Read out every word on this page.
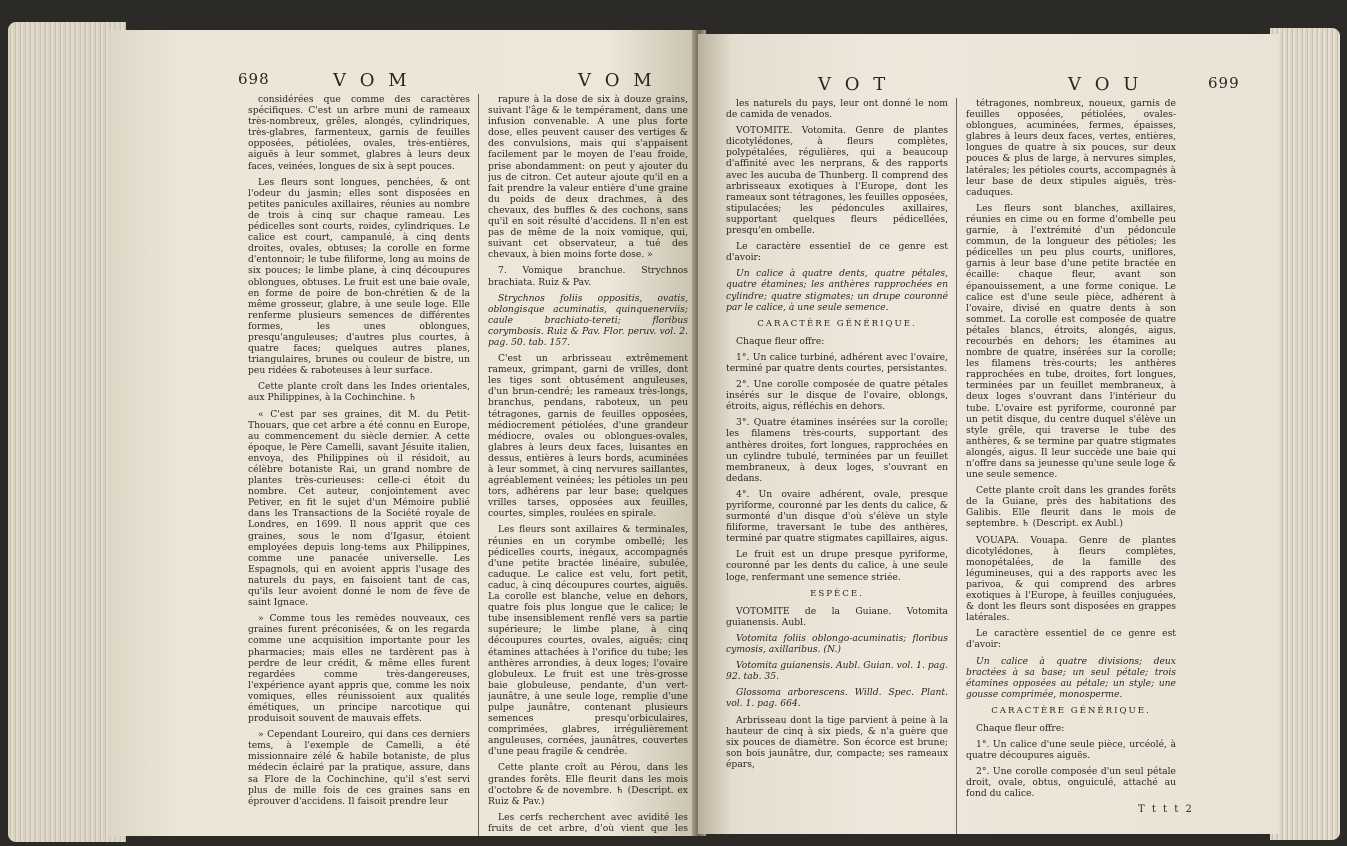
698	V O M	V O M

considérées que comme des caractères spécifiques. C'est un arbre muni de rameaux très-nombreux, grêles, alongés, cylindriques, très-glabres, farmenteux, garnis de feuilles opposées, pétiolées, ovales, très-entières, aiguës à leur sommet, glabres à leurs deux faces, veinées, longues de six à sept pouces.

Les fleurs sont longues, penchées, & ont l'odeur du jasmin; elles sont disposées en petites panicules axillaires, réunies au nombre de trois à cinq sur chaque rameau. Les pédicelles sont courts, roides, cylindriques. Le calice est court, campanulé, à cinq dents droites, ovales, obtuses; la corolle en forme d'entonnoir; le tube filiforme, long au moins de six pouces; le limbe plane, à cinq découpures oblongues, obtuses. Le fruit est une baie ovale, en forme de poire de bon-chrétien & de la même grosseur, glabre, à une seule loge. Elle renferme plusieurs semences de différentes formes, les unes oblongues, presqu'anguleuses; d'autres plus courtes, à quatre faces; quelques autres planes, triangulaires, brunes ou couleur de bistre, un peu ridées & raboteuses à leur surface.

Cette plante croît dans les Indes orientales, aux Philippines, à la Cochinchine. ♄

« C'est par ses graines, dit M. du Petit-Thouars, que cet arbre a été connu en Europe, au commencement du siècle dernier. A cette époque, le Père Camelli, savant Jésuite italien, envoya, des Philippines où il résidoit, au célèbre botaniste Rai, un grand nombre de plantes très-curieuses: celle-ci étoit du nombre. Cet auteur, conjointement avec Petiver, en fit le sujet d'un Mémoire publié dans les Transactions de la Société royale de Londres, en 1699. Il nous apprit que ces graines, sous le nom d'Igasur, étoient employées depuis long-tems aux Philippines, comme une panacée universelle. Les Espagnols, qui en avoient appris l'usage des naturels du pays, en faisoient tant de cas, qu'ils leur avoient donné le nom de fève de saint Ignace.

» Comme tous les remèdes nouveaux, ces graines furent préconisées, & on les regarda comme une acquisition importante pour les pharmacies; mais elles ne tardèrent pas à perdre de leur crédit, & même elles furent regardées comme très-dangereuses, l'expérience ayant appris que, comme les noix vomiques, elles réunissoient aux qualités émétiques, un principe narcotique qui produisoit souvent de mauvais effets.

» Cependant Loureiro, qui dans ces derniers tems, à l'exemple de Camelli, a été missionnaire zélé & habile botaniste, de plus médecin éclairé par la pratique, assure, dans sa Flore de la Cochinchine, qu'il s'est servi plus de mille fois de ces graines sans en éprouver d'accidens. Il faisoit prendre leur

rapure à la dose de six à douze grains, suivant l'âge & le tempérament, dans une infusion convenable. A une plus forte dose, elles peuvent causer des vertiges & des convulsions, mais qui s'appaisent facilement par le moyen de l'eau froide, prise abondamment: on peut y ajouter du jus de citron. Cet auteur ajoute qu'il en a fait prendre la valeur entière d'une graine du poids de deux drachmes, à des chevaux, des buffles & des cochons, sans qu'il en soit résulté d'accidens. Il n'en est pas de même de la noix vomique, qui, suivant cet observateur, a tué des chevaux, à bien moins forte dose. »

7. Vomique branchue. Strychnos brachiata. Ruiz & Pav.

Strychnos foliis oppositis, ovatis, oblongisque acuminatis, quinquenerviis; caule brachiato-tereti; floribus corymbosis. Ruiz & Pav. Flor. peruv. vol. 2. pag. 50. tab. 157.

C'est un arbrisseau extrêmement rameux, grimpant, garni de vrilles, dont les tiges sont obtusément anguleuses, d'un brun-cendré; les rameaux très-longs, branchus, pendans, raboteux, un peu tétragones, garnis de feuilles opposées, médiocrement pétiolées, d'une grandeur médiocre, ovales ou oblongues-ovales, glabres à leurs deux faces, luisantes en dessus, entières à leurs bords, acuminées à leur sommet, à cinq nervures saillantes, agréablement veinées; les pétioles un peu tors, adhérens par leur base; quelques vrilles tarses, opposées aux feuilles, courtes, simples, roulées en spirale.

Les fleurs sont axillaires & terminales, réunies en un corymbe ombellé; les pédicelles courts, inégaux, accompagnés d'une petite bractée linéaire, subulée, caduque. Le calice est velu, fort petit, caduc, à cinq découpures courtes, aiguës. La corolle est blanche, velue en dehors, quatre fois plus longue que le calice; le tube insensiblement renflé vers sa partie supérieure; le limbe plane, à cinq découpures courtes, ovales, aiguës; cinq étamines attachées à l'orifice du tube; les anthères arrondies, à deux loges; l'ovaire globuleux. Le fruit est une très-grosse baie globuleuse, pendante, d'un vert-jaunâtre, à une seule loge, remplie d'une pulpe jaunâtre, contenant plusieurs semences presqu'orbiculaires, comprimées, glabres, irrégulièrement anguleuses, cornées, jaunâtres, couvertes d'une peau fragile & cendrée.

Cette plante croît au Pérou, dans les grandes forêts. Elle fleurit dans les mois d'octobre & de novembre. ♄ (Descript. ex Ruiz & Pav.)

Les cerfs recherchent avec avidité les fruits de cet arbre, d'où vient que les

V O T	V O U	699

les naturels du pays, leur ont donné le nom de camida de venados.

VOTOMITE. Votomita. Genre de plantes dicotylédones, à fleurs complètes, polypétalées, régulières, qui a beaucoup d'affinité avec les nerprans, & des rapports avec les aucuba de Thunberg. Il comprend des arbrisseaux exotiques à l'Europe, dont les rameaux sont tétragones, les feuilles opposées, stipulacées; les pédoncules axillaires, supportant quelques fleurs pédicellées, presqu'en ombelle.

Le caractère essentiel de ce genre est d'avoir:

Un calice à quatre dents, quatre pétales, quatre étamines; les anthères rapprochées en cylindre; quatre stigmates; un drupe couronné par le calice, à une seule semence.

CARACTÈRE GÉNÉRIQUE.

Chaque fleur offre:

1°. Un calice turbiné, adhérent avec l'ovaire, terminé par quatre dents courtes, persistantes.

2°. Une corolle composée de quatre pétales insérés sur le disque de l'ovaire, oblongs, étroits, aigus, réfléchis en dehors.

3°. Quatre étamines insérées sur la corolle; les filamens très-courts, supportant des anthères droites, fort longues, rapprochées en un cylindre tubulé, terminées par un feuillet membraneux, à deux loges, s'ouvrant en dedans.

4°. Un ovaire adhérent, ovale, presque pyriforme, couronné par les dents du calice, & surmonté d'un disque d'où s'élève un style filiforme, traversant le tube des anthères, terminé par quatre stigmates capillaires, aigus.

Le fruit est un drupe presque pyriforme, couronné par les dents du calice, à une seule loge, renfermant une semence striée.

ESPÈCE.

VOTOMITE de la Guiane. Votomita guianensis. Aubl.

Votomita foliis oblongo-acuminatis; floribus cymosis, axillaribus. (N.)

Votomita guianensis. Aubl. Guian. vol. 1. pag. 92. tab. 35.

Glossoma arborescens. Willd. Spec. Plant. vol. 1. pag. 664.

Arbrisseau dont la tige parvient à peine à la hauteur de cinq à six pieds, & n'a guère que six pouces de diamètre. Son écorce est brune; son bois jaunâtre, dur, compacte; ses rameaux épars,

tétragones, nombreux, noueux, garnis de feuilles opposées, pétiolées, ovales-oblongues, acuminées, fermes, épaisses, glabres à leurs deux faces, vertes, entières, longues de quatre à six pouces, sur deux pouces & plus de large, à nervures simples, latérales; les pétioles courts, accompagnés à leur base de deux stipules aiguës, très-caduques.

Les fleurs sont blanches, axillaires, réunies en cime ou en forme d'ombelle peu garnie, à l'extrémité d'un pédoncule commun, de la longueur des pétioles; les pédicelles un peu plus courts, uniflores, garnis à leur base d'une petite bractée en écaille: chaque fleur, avant son épanouissement, a une forme conique. Le calice est d'une seule pièce, adhérent à l'ovaire, divisé en quatre dents à son sommet. La corolle est composée de quatre pétales blancs, étroits, alongés, aigus, recourbés en dehors; les étamines au nombre de quatre, insérées sur la corolle; les filamens très-courts; les anthères rapprochées en tube, droites, fort longues, terminées par un feuillet membraneux, à deux loges s'ouvrant dans l'intérieur du tube. L'ovaire est pyriforme, couronné par un petit disque, du centre duquel s'élève un style grêle, qui traverse le tube des anthères, & se termine par quatre stigmates alongés, aigus. Il leur succède une baie qui n'offre dans sa jeunesse qu'une seule loge & une seule semence.

Cette plante croît dans les grandes forêts de la Guiane, près des habitations des Galibis. Elle fleurit dans le mois de septembre. ♄ (Descript. ex Aubl.)

VOUAPA. Vouapa. Genre de plantes dicotylédones, à fleurs complètes, monopétalées, de la famille des légumineuses, qui a des rapports avec les parivoa, & qui comprend des arbres exotiques à l'Europe, à feuilles conjuguées, & dont les fleurs sont disposées en grappes latérales.

Le caractère essentiel de ce genre est d'avoir:

Un calice à quatre divisions; deux bractées à sa base; un seul pétale; trois étamines opposées au pétale; un style; une gousse comprimée, monosperme.

CARACTÈRE GÉNÉRIQUE.

Chaque fleur offre:

1°. Un calice d'une seule pièce, urcéolé, à quatre découpures aiguës.

2°. Une corolle composée d'un seul pétale droit, ovale, obtus, onguiculé, attaché au fond du calice.

T t t t 2
